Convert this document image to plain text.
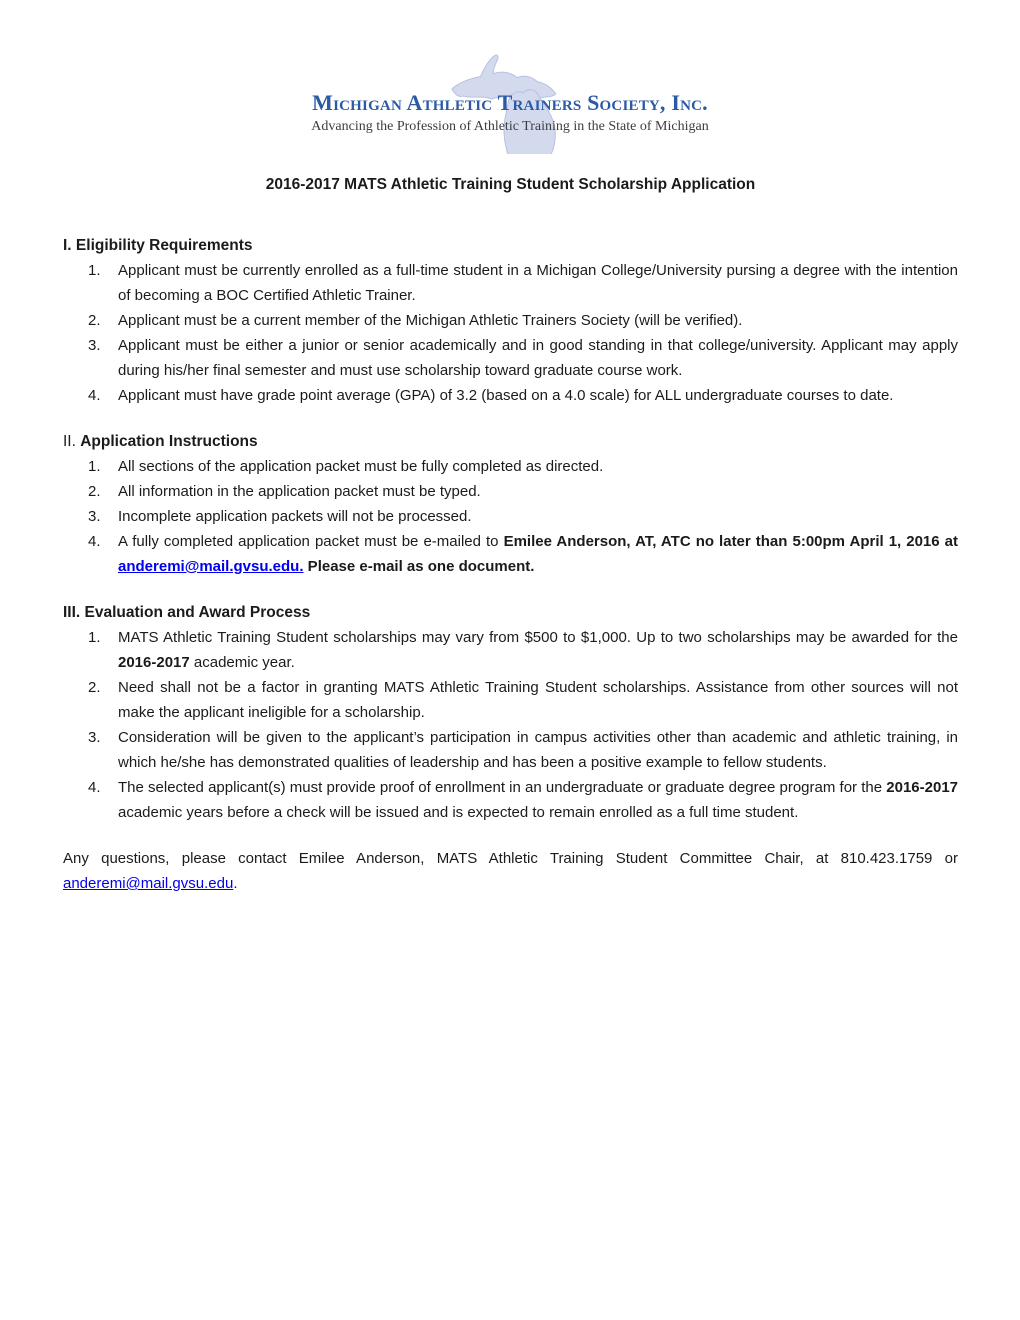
Michigan Athletic Trainers Society, Inc.
Advancing the Profession of Athletic Training in the State of Michigan
2016-2017 MATS Athletic Training Student Scholarship Application
I. Eligibility Requirements
1.	Applicant must be currently enrolled as a full-time student in a Michigan College/University pursing a degree with the intention of becoming a BOC Certified Athletic Trainer.
2.	Applicant must be a current member of the Michigan Athletic Trainers Society (will be verified).
3.	Applicant must be either a junior or senior academically and in good standing in that college/university. Applicant may apply during his/her final semester and must use scholarship toward graduate course work.
4.	Applicant must have grade point average (GPA) of 3.2 (based on a 4.0 scale) for ALL undergraduate courses to date.
II. Application Instructions
1.	All sections of the application packet must be fully completed as directed.
2.	All information in the application packet must be typed.
3.	Incomplete application packets will not be processed.
4.	A fully completed application packet must be e-mailed to Emilee Anderson, AT, ATC no later than 5:00pm April 1, 2016 at anderemi@mail.gvsu.edu. Please e-mail as one document.
III. Evaluation and Award Process
1.	MATS Athletic Training Student scholarships may vary from $500 to $1,000. Up to two scholarships may be awarded for the 2016-2017 academic year.
2.	Need shall not be a factor in granting MATS Athletic Training Student scholarships. Assistance from other sources will not make the applicant ineligible for a scholarship.
3.	Consideration will be given to the applicant’s participation in campus activities other than academic and athletic training, in which he/she has demonstrated qualities of leadership and has been a positive example to fellow students.
4.	The selected applicant(s) must provide proof of enrollment in an undergraduate or graduate degree program for the 2016-2017 academic years before a check will be issued and is expected to remain enrolled as a full time student.
Any questions, please contact Emilee Anderson, MATS Athletic Training Student Committee Chair, at 810.423.1759 or anderemi@mail.gvsu.edu.
